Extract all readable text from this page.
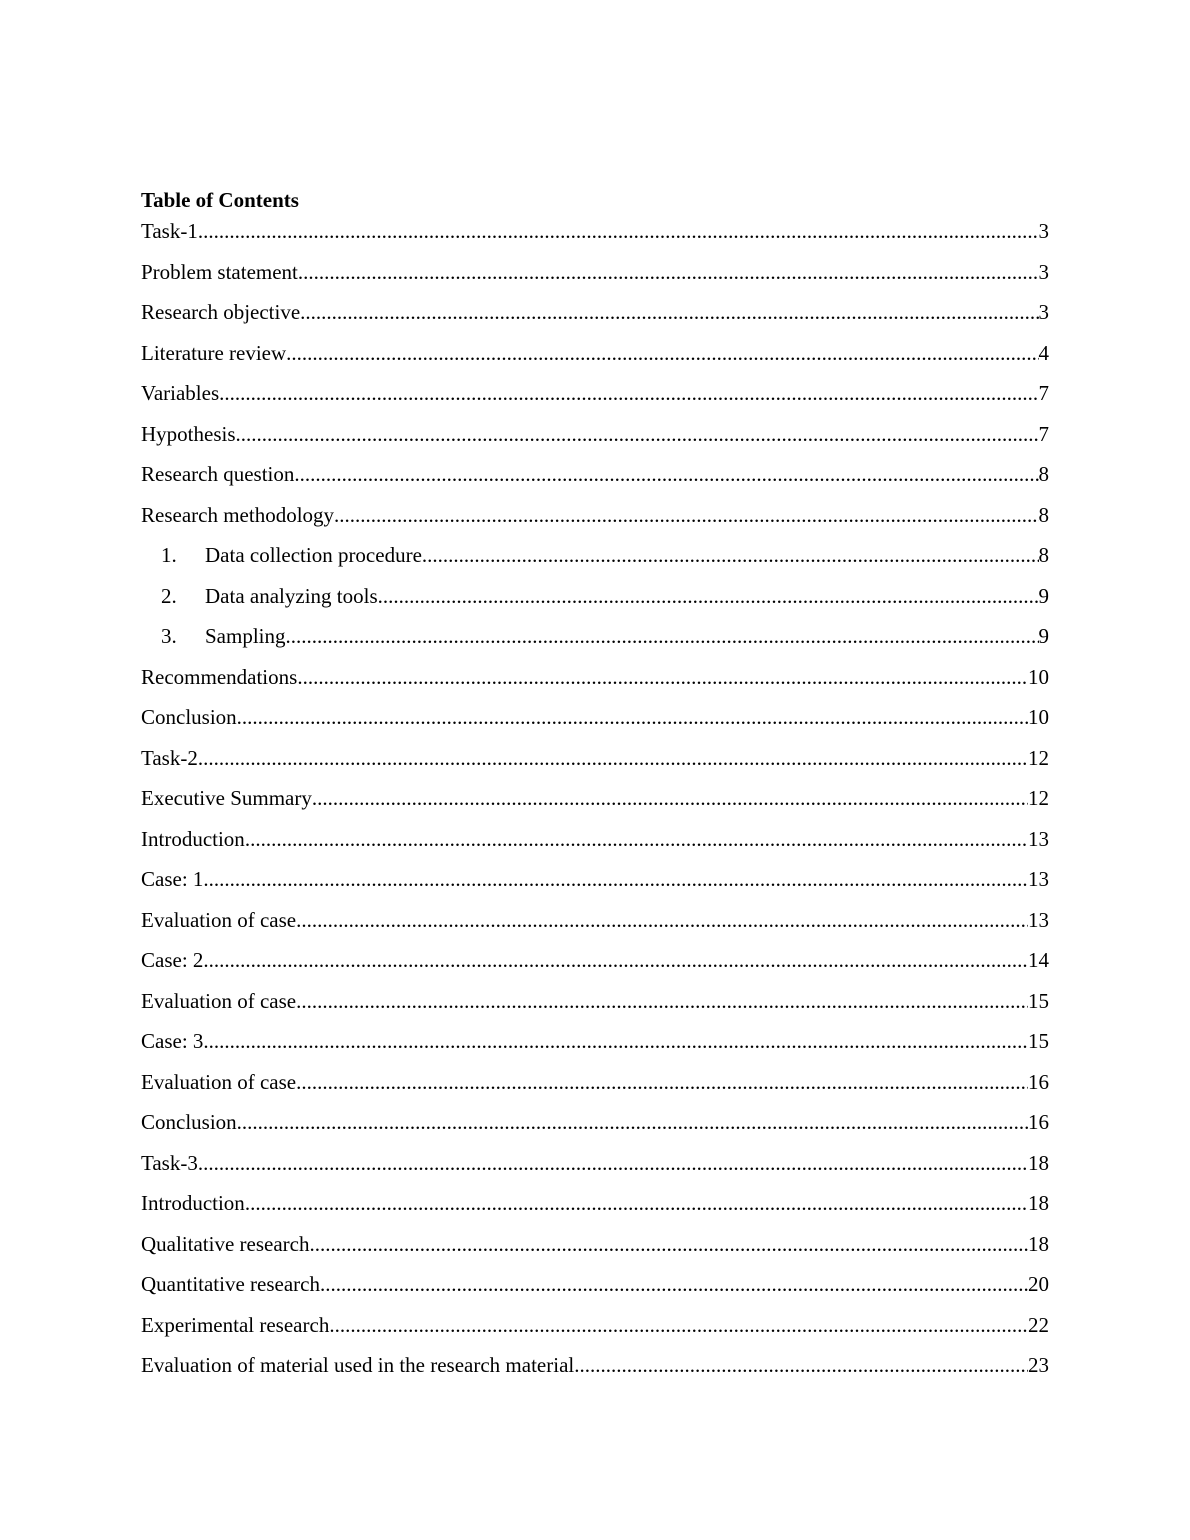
Table of Contents
Task-1 .....	3
Problem statement .....	3
Research objective .....	3
Literature review .....	4
Variables .....	7
Hypothesis .....	7
Research question .....	8
Research methodology .....	8
1.	Data collection procedure .....	8
2.	Data analyzing tools .....	9
3.	Sampling .....	9
Recommendations .....	10
Conclusion .....	10
Task-2 .....	12
Executive Summary .....	12
Introduction .....	13
Case: 1 .....	13
Evaluation of case .....	13
Case: 2 .....	14
Evaluation of case .....	15
Case: 3 .....	15
Evaluation of case .....	16
Conclusion .....	16
Task-3 .....	18
Introduction .....	18
Qualitative research .....	18
Quantitative research .....	20
Experimental research .....	22
Evaluation of material used in the research material .....	23
